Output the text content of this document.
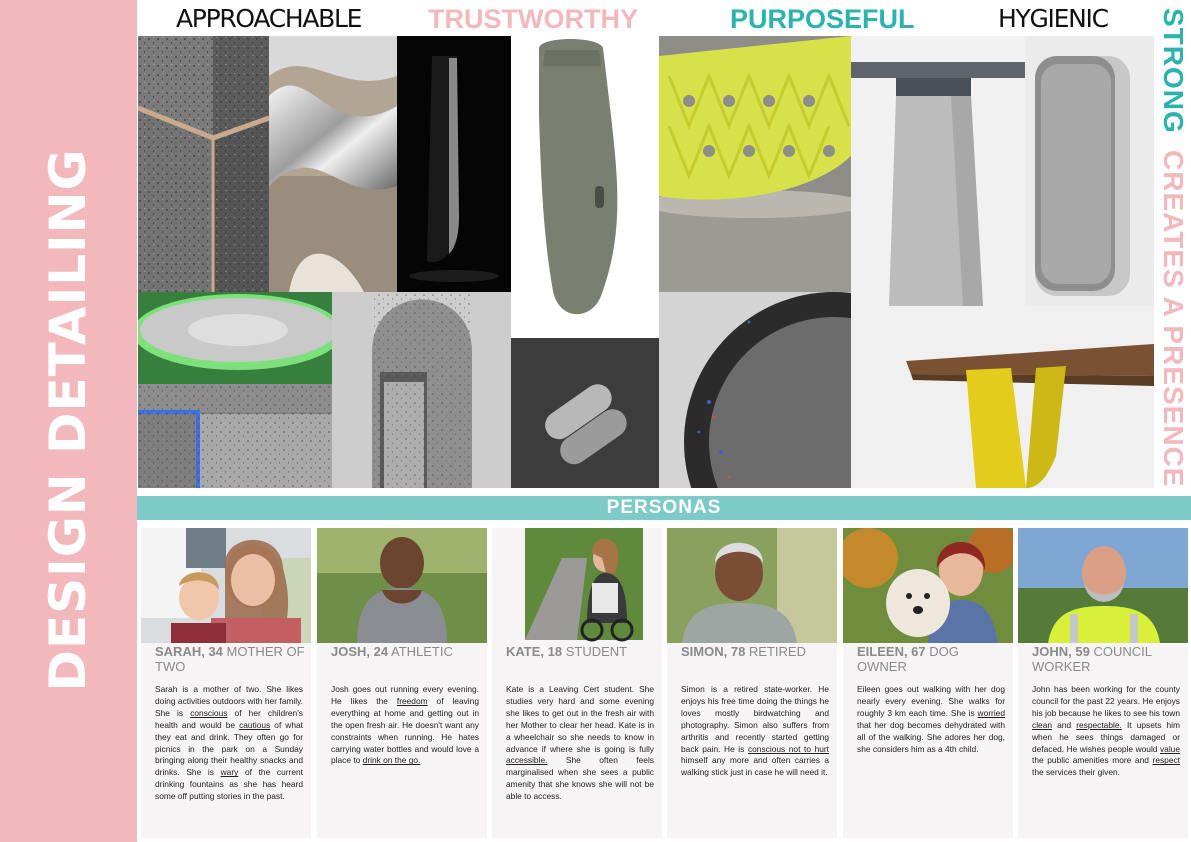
DESIGN DETAILING
APPROACHABLE TRUSTWORTHY	PURPOSEFUL	HYGIENIC STRONG
CREATES A PRESENCE
PERSONAS
SARAH, 34 MOTHER OF TWO
Sarah is a mother of two. She likes doing activities outdoors with her family. She is conscious of her children's health and would be cautious of what they eat and drink. They often go for picnics in the park on a Sunday bringing along their healthy snacks and drinks. She is wary of the current drinking fountains as she has heard some off putting stories in the past.
JOSH, 24 ATHLETIC
Josh goes out running every evening. He likes the freedom of leaving everything at home and getting out in the open fresh air. He doesn't want any constraints when running. He hates carrying water bottles and would love a place to drink on the go.
KATE, 18 STUDENT
Kate is a Leaving Cert student. She studies very hard and some evening she likes to get out in the fresh air with her Mother to clear her head. Kate is in a wheelchair so she needs to know in advance if where she is going is fully accessible. She often feels marginalised when she sees a public amenity that she knows she will not be able to access.
SIMON, 78 RETIRED
Simon is a retired state-worker. He enjoys his free time doing the things he loves mostly birdwatching and photography. Simon also suffers from arthritis and recently started getting back pain. He is conscious not to hurt himself any more and often carries a walking stick just in case he will need it.
EILEEN, 67 DOG OWNER
Eileen goes out walking with her dog nearly every evening. She walks for roughly 3 km each time. She is worried that her dog becomes dehydrated with all of the walking. She adores her dog, she considers him as a 4th child.
JOHN, 59 COUNCIL WORKER
John has been working for the county council for the past 22 years. He enjoys his job because he likes to see his town clean and respectable. It upsets him when he sees things damaged or defaced. He wishes people would value the public amenities more and respect the services their given.
